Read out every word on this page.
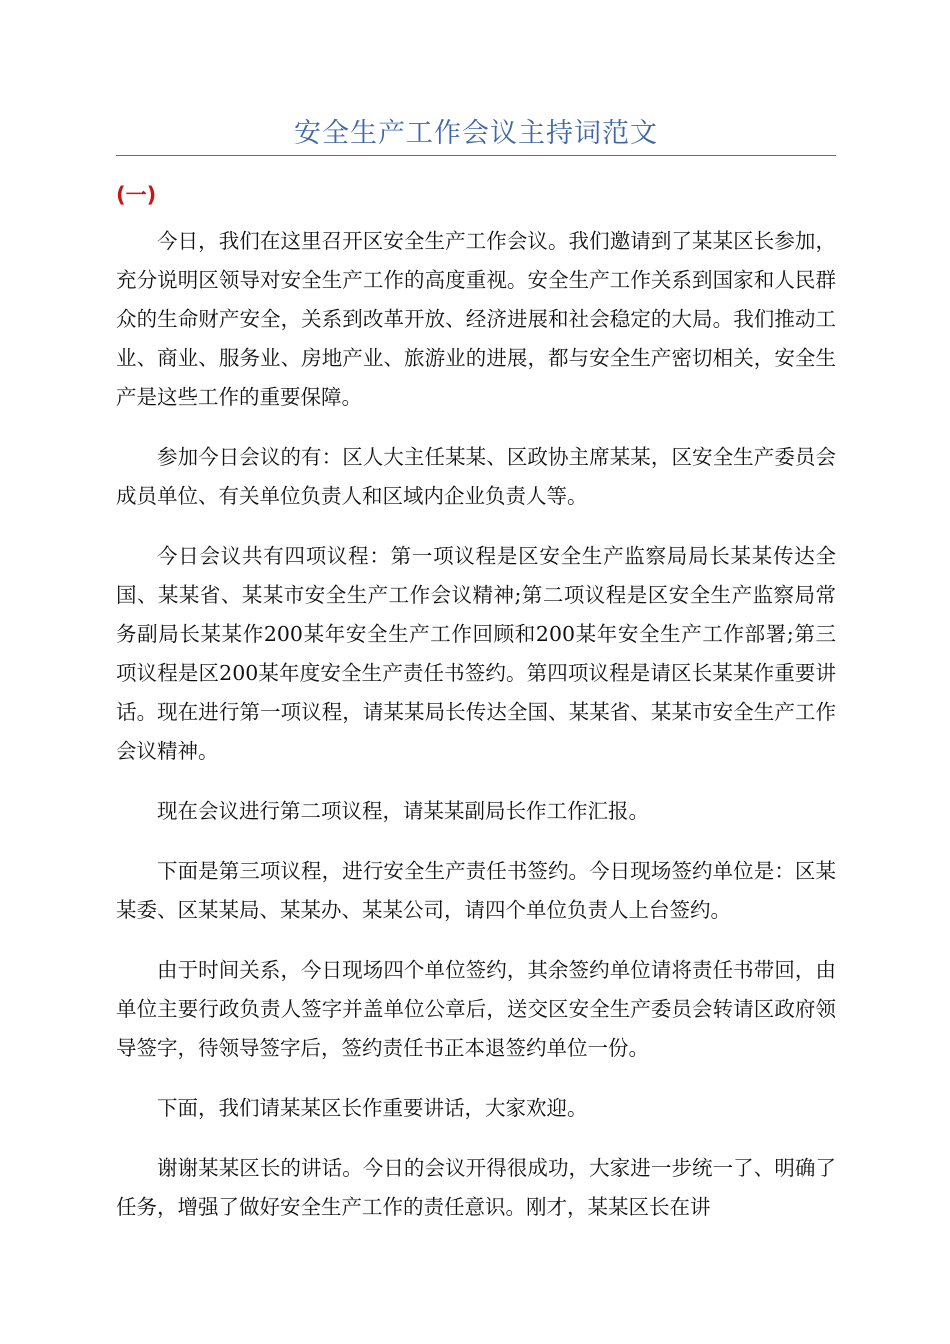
安全生产工作会议主持词范文
(一)

今日，我们在这里召开区安全生产工作会议。我们邀请到了某某区长参加，充分说明区领导对安全生产工作的高度重视。安全生产工作关系到国家和人民群众的生命财产安全，关系到改革开放、经济进展和社会稳定的大局。我们推动工业、商业、服务业、房地产业、旅游业的进展，都与安全生产密切相关，安全生产是这些工作的重要保障。

参加今日会议的有：区人大主任某某、区政协主席某某，区安全生产委员会成员单位、有关单位负责人和区域内企业负责人等。

今日会议共有四项议程：第一项议程是区安全生产监察局局长某某传达全国、某某省、某某市安全生产工作会议精神;第二项议程是区安全生产监察局常务副局长某某作200某年安全生产工作回顾和200某年安全生产工作部署;第三项议程是区200某年度安全生产责任书签约。第四项议程是请区长某某作重要讲话。现在进行第一项议程，请某某局长传达全国、某某省、某某市安全生产工作会议精神。

现在会议进行第二项议程，请某某副局长作工作汇报。

下面是第三项议程，进行安全生产责任书签约。今日现场签约单位是：区某某委、区某某局、某某办、某某公司，请四个单位负责人上台签约。

由于时间关系，今日现场四个单位签约，其余签约单位请将责任书带回，由单位主要行政负责人签字并盖单位公章后，送交区安全生产委员会转请区政府领导签字，待领导签字后，签约责任书正本退签约单位一份。

下面，我们请某某区长作重要讲话，大家欢迎。

谢谢某某区长的讲话。今日的会议开得很成功，大家进一步统一了、明确了任务，增强了做好安全生产工作的责任意识。刚才，某某区长在讲
